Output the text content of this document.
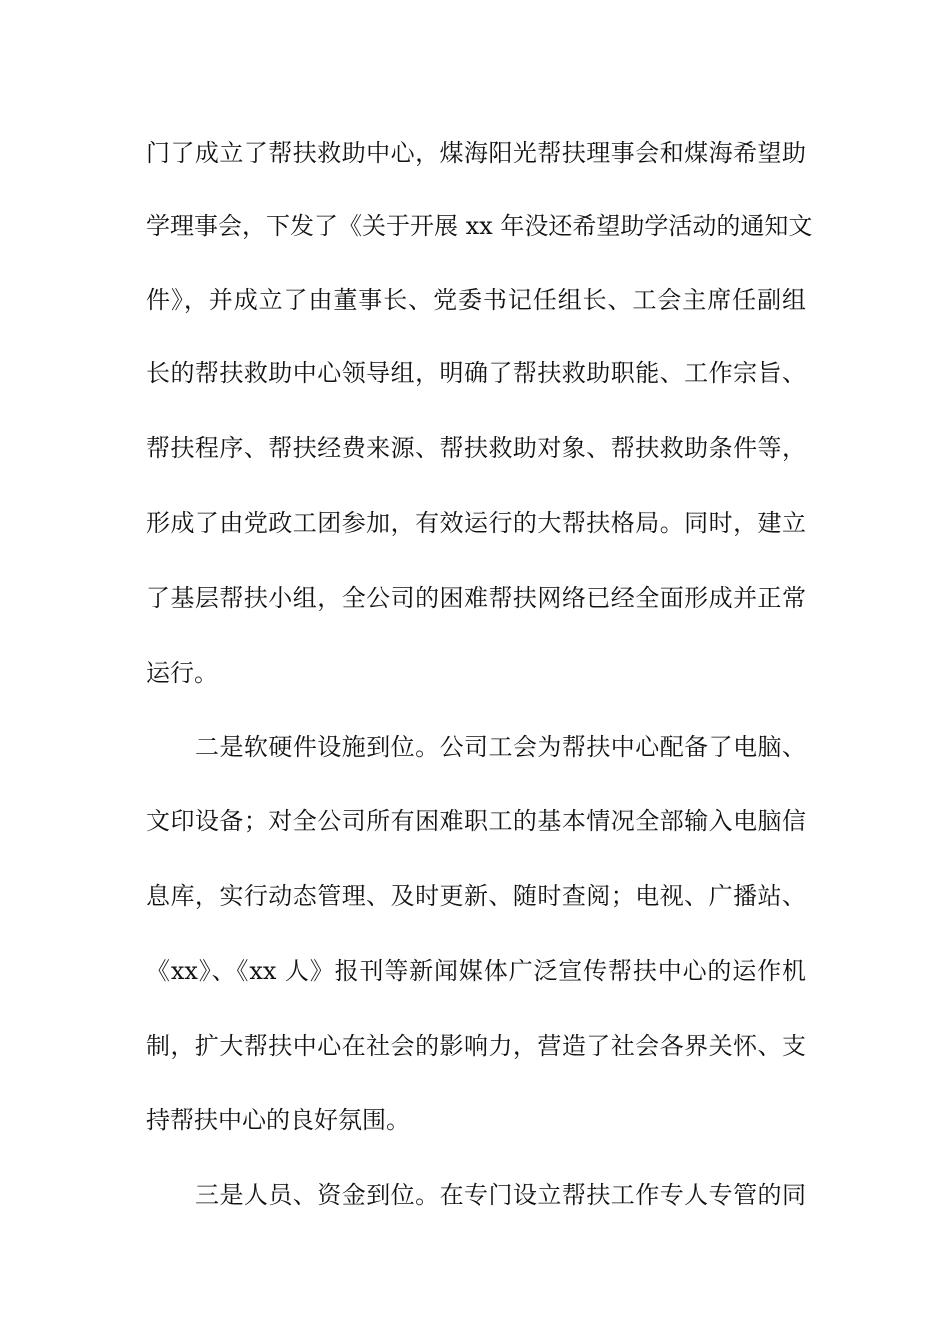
门了成立了帮扶救助中心，煤海阳光帮扶理事会和煤海希望助
学理事会，下发了《关于开展 xx 年没还希望助学活动的通知文
件》，并成立了由董事长、党委书记任组长、工会主席任副组
长的帮扶救助中心领导组，明确了帮扶救助职能、工作宗旨、
帮扶程序、帮扶经费来源、帮扶救助对象、帮扶救助条件等，
形成了由党政工团参加，有效运行的大帮扶格局。同时，建立
了基层帮扶小组，全公司的困难帮扶网络已经全面形成并正常
运行。
二是软硬件设施到位。公司工会为帮扶中心配备了电脑、
文印设备；对全公司所有困难职工的基本情况全部输入电脑信
息库，实行动态管理、及时更新、随时查阅；电视、广播站、
《xx》、《xx 人》报刊等新闻媒体广泛宣传帮扶中心的运作机
制，扩大帮扶中心在社会的影响力，营造了社会各界关怀、支
持帮扶中心的良好氛围。
三是人员、资金到位。在专门设立帮扶工作专人专管的同
